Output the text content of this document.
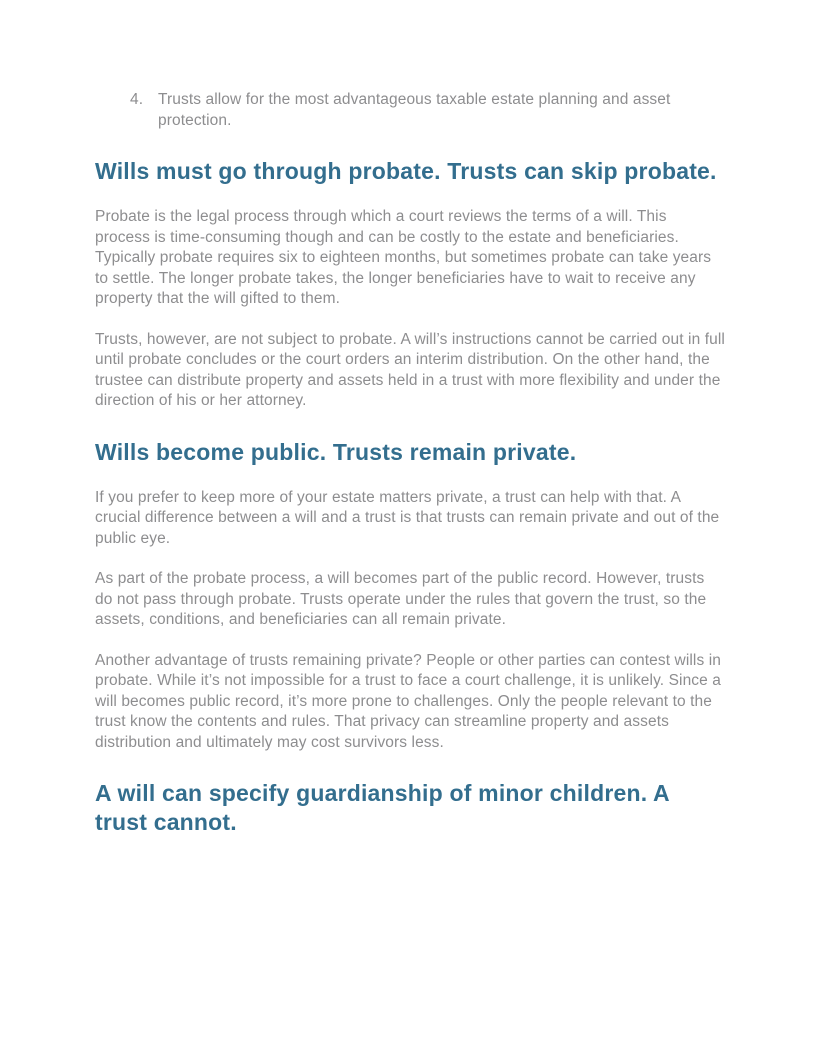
4. Trusts allow for the most advantageous taxable estate planning and asset protection.
Wills must go through probate. Trusts can skip probate.

Probate is the legal process through which a court reviews the terms of a will. This process is time-consuming though and can be costly to the estate and beneficiaries. Typically probate requires six to eighteen months, but sometimes probate can take years to settle. The longer probate takes, the longer beneficiaries have to wait to receive any property that the will gifted to them.

Trusts, however, are not subject to probate. A will’s instructions cannot be carried out in full until probate concludes or the court orders an interim distribution. On the other hand, the trustee can distribute property and assets held in a trust with more flexibility and under the direction of his or her attorney.

Wills become public. Trusts remain private.

If you prefer to keep more of your estate matters private, a trust can help with that. A crucial difference between a will and a trust is that trusts can remain private and out of the public eye.

As part of the probate process, a will becomes part of the public record. However, trusts do not pass through probate. Trusts operate under the rules that govern the trust, so the assets, conditions, and beneficiaries can all remain private.

Another advantage of trusts remaining private? People or other parties can contest wills in probate. While it’s not impossible for a trust to face a court challenge, it is unlikely. Since a will becomes public record, it’s more prone to challenges. Only the people relevant to the trust know the contents and rules. That privacy can streamline property and assets distribution and ultimately may cost survivors less.

A will can specify guardianship of minor children. A trust cannot.
